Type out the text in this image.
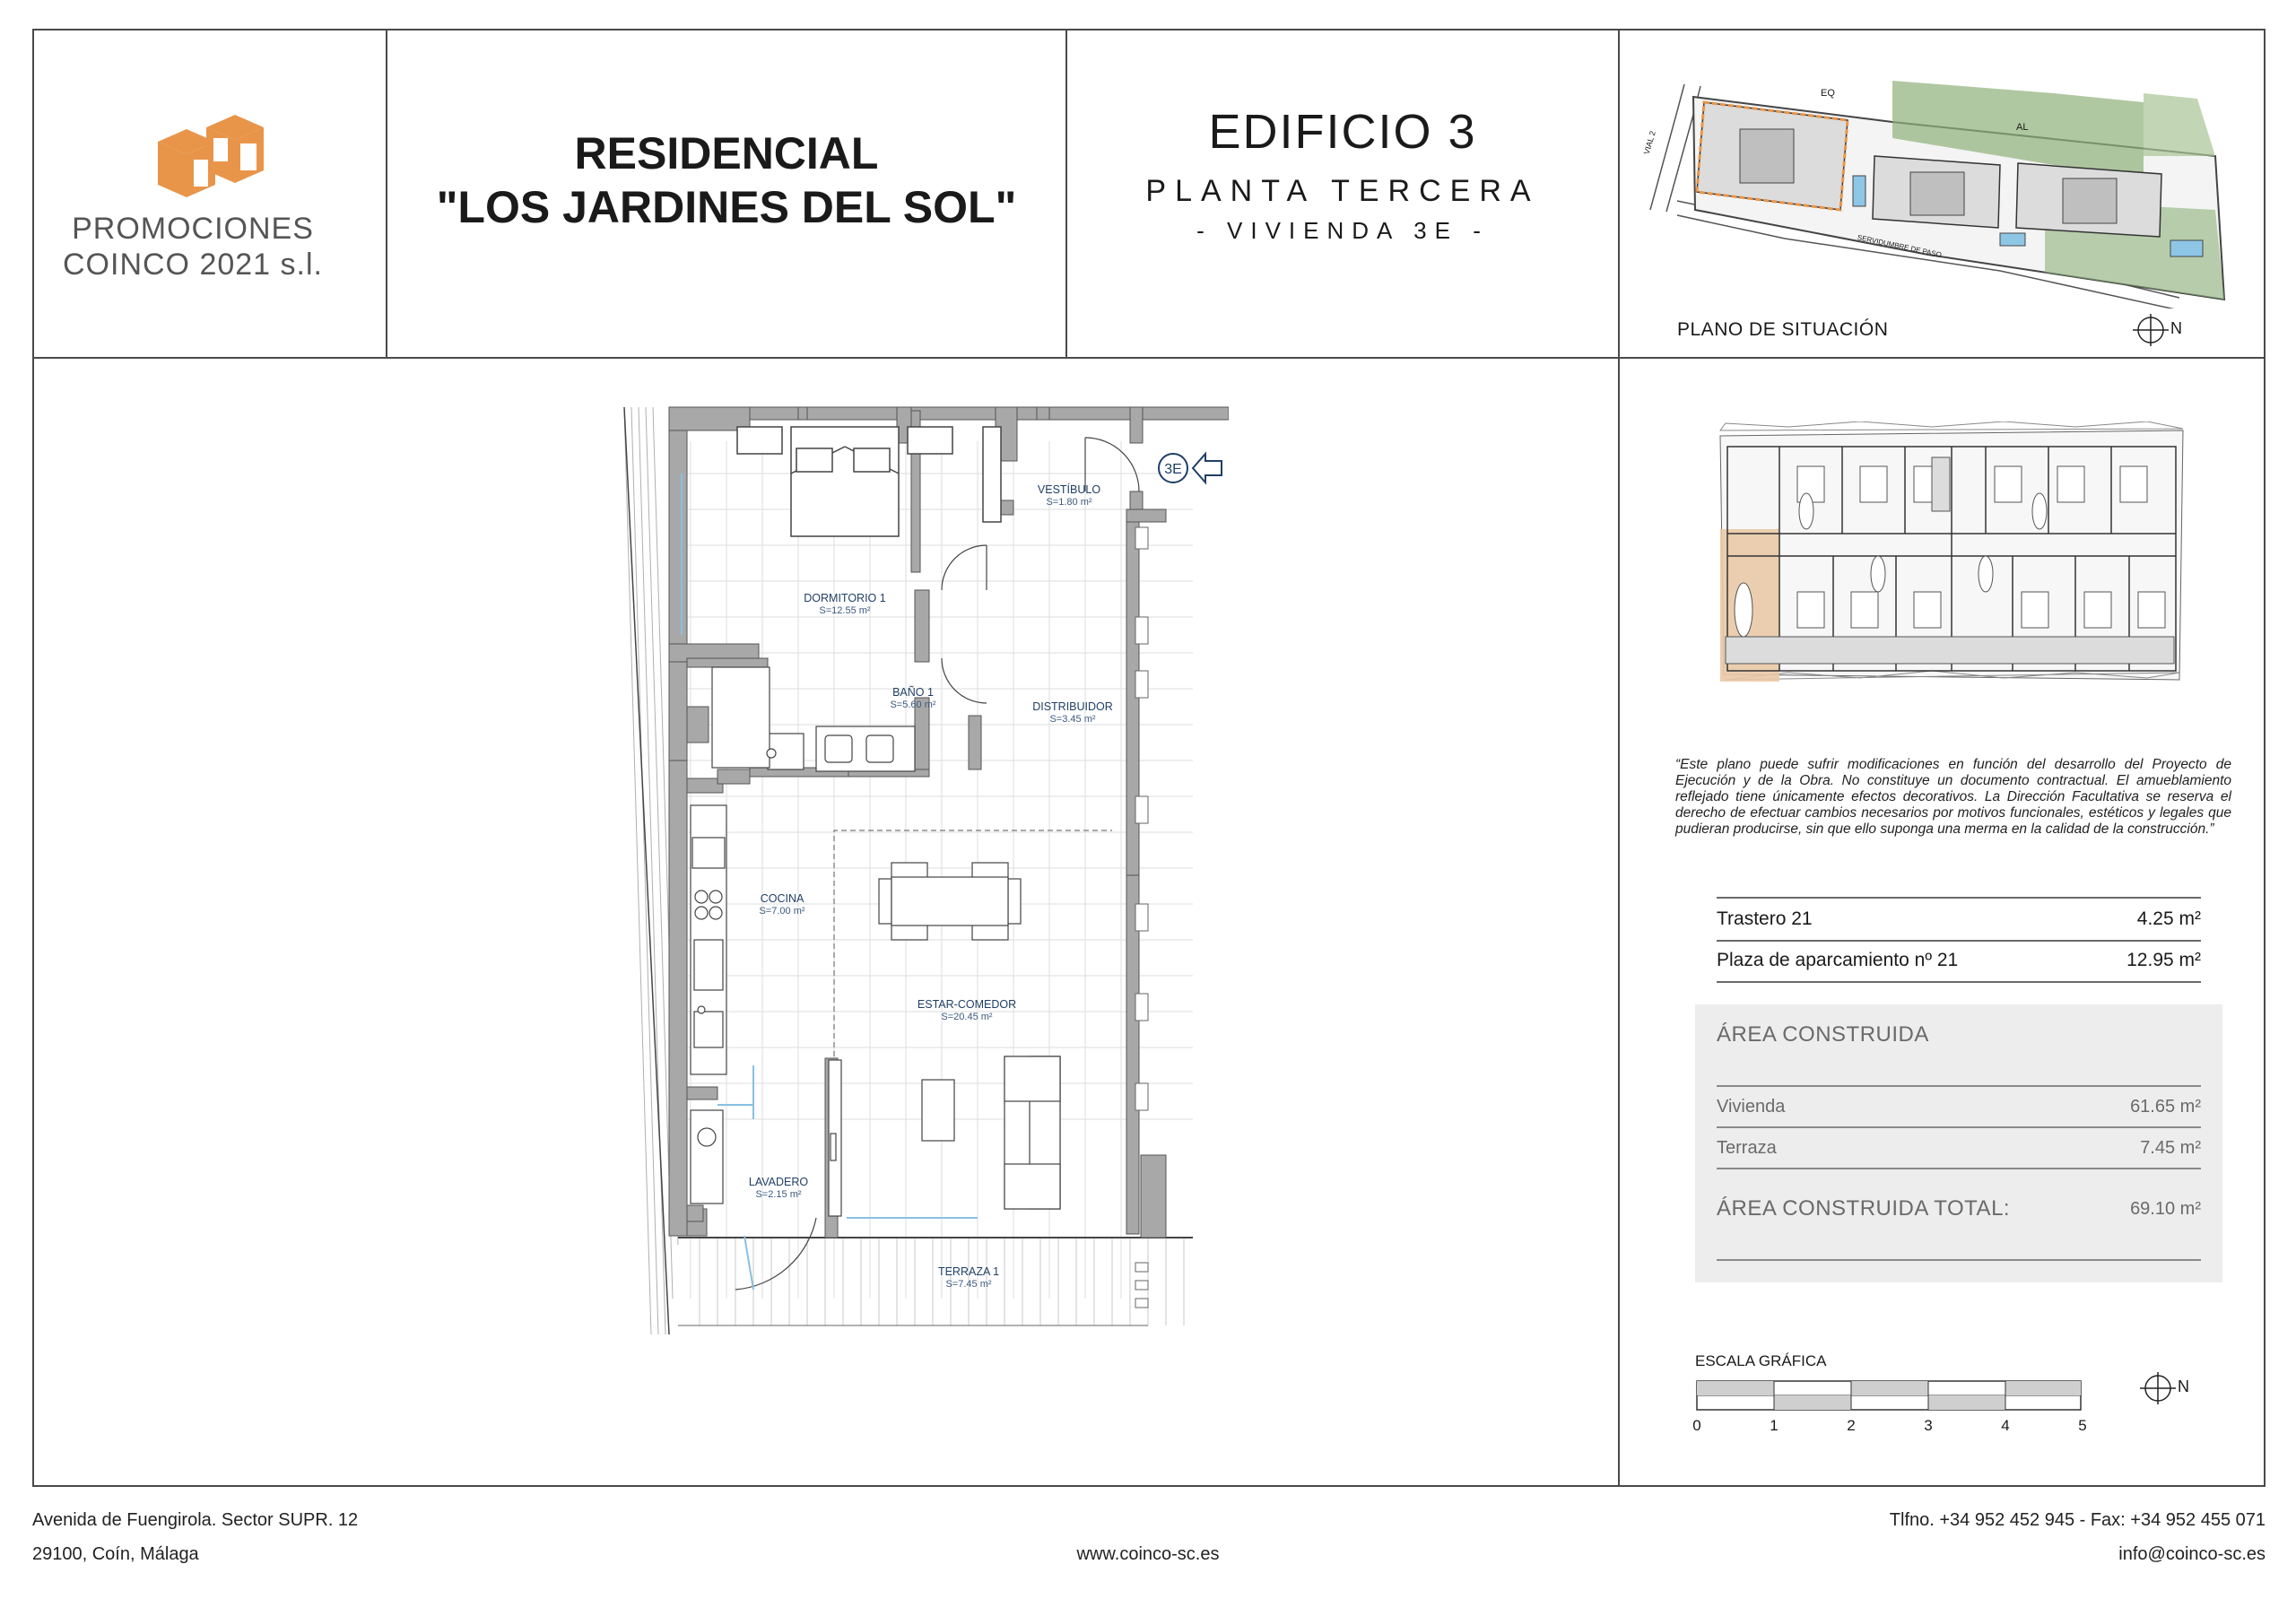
PROMOCIONES
COINCO 2021 s.l.
RESIDENCIAL
"LOS JARDINES DEL SOL"
EDIFICIO 3
PLANTA TERCERA
- VIVIENDA 3E -
EQ
AL
VIAL 2
SERVIDUMBRE DE PASO
PLANO DE SITUACIÓN	N
3E
DORMITORIO 1
S=12.55 m²
VESTÍBULO
S=1.80 m²
BAÑO 1
S=5.60 m²	DISTRIBUIDOR
S=3.45 m²
COCINA
S=7.00 m²
ESTAR-COMEDOR
S=20.45 m²
LAVADERO
S=2.15 m²
TERRAZA 1
S=7.45 m²
“Este plano puede sufrir modificaciones en función del desarrollo del Proyecto de Ejecución y de la Obra. No constituye un documento contractual. El amueblamiento reflejado tiene únicamente efectos decorativos. La Dirección Facultativa se reserva el derecho de efectuar cambios necesarios por motivos funcionales, estéticos y legales que pudieran producirse, sin que ello suponga una merma en la calidad de la construcción.”
Trastero 21	4.25 m²
Plaza de aparcamiento nº 21	12.95 m²
ÁREA CONSTRUIDA
Vivienda	61.65 m²
Terraza	7.45 m²
ÁREA CONSTRUIDA TOTAL:	69.10 m²
ESCALA GRÁFICA
0	1	2	3	4	5
N
Avenida de Fuengirola. Sector SUPR. 12
29100, Coín, Málaga	www.coinco-sc.es
Tlfno. +34 952 452 945 - Fax: +34 952 455 071
info@coinco-sc.es
